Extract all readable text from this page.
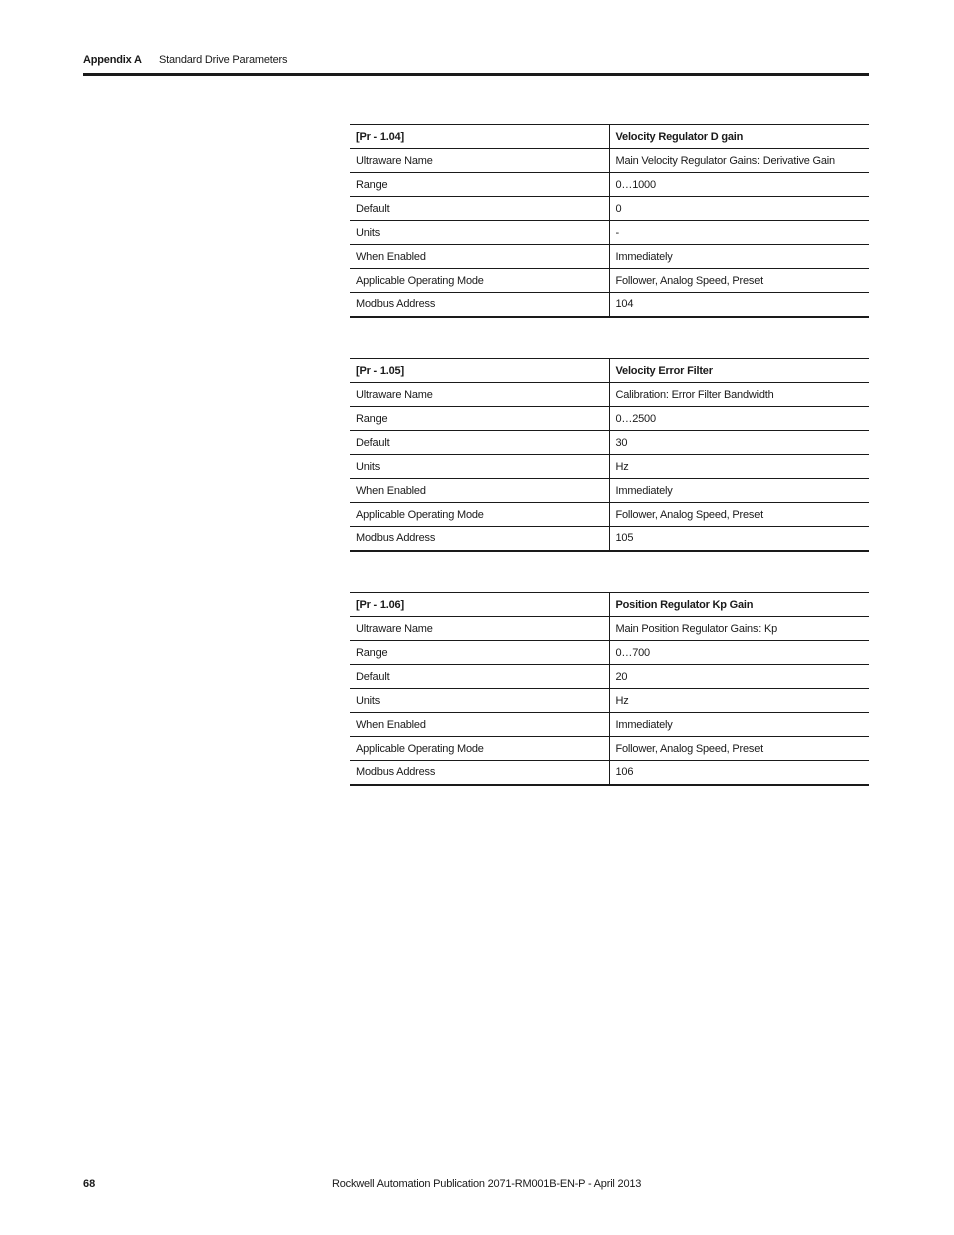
Appendix A Standard Drive Parameters
[Pr - 1.04]	Velocity Regulator D gain
Ultraware Name	Main Velocity Regulator Gains: Derivative Gain
Range	0…1000
Default	0
Units	-
When Enabled	Immediately
Applicable Operating Mode	Follower, Analog Speed, Preset
Modbus Address	104
[Pr - 1.05]	Velocity Error Filter
Ultraware Name	Calibration: Error Filter Bandwidth
Range	0…2500
Default	30
Units	Hz
When Enabled	Immediately
Applicable Operating Mode	Follower, Analog Speed, Preset
Modbus Address	105
[Pr - 1.06]	Position Regulator Kp Gain
Ultraware Name	Main Position Regulator Gains: Kp
Range	0…700
Default	20
Units	Hz
When Enabled	Immediately
Applicable Operating Mode	Follower, Analog Speed, Preset
Modbus Address	106
68	Rockwell Automation Publication 2071-RM001B-EN-P - April 2013
